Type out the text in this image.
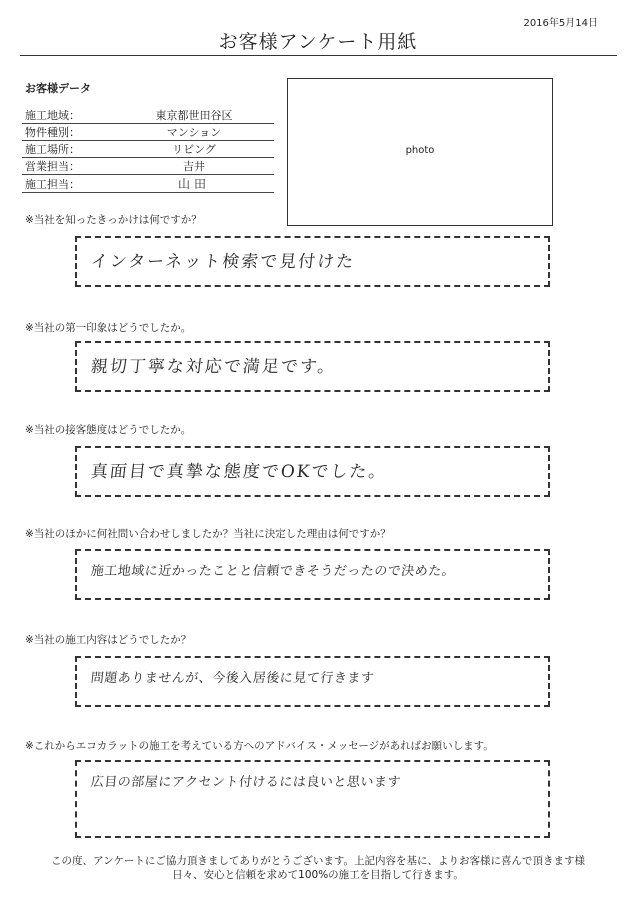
2016年5月14日
お客様アンケート用紙
お客様データ
施工地域：	東京都世田谷区
物件種別：	マンション
施工場所：	リビング
営業担当：	吉井
施工担当：	山田
photo
※当社を知ったきっかけは何ですか？
インターネット検索で見付けた
※当社の第一印象はどうでしたか。
親切丁寧な対応で満足です。
※当社の接客態度はどうでしたか。
真面目で真摯な態度でOKでした。
※当社のほかに何社問い合わせしましたか？当社に決定した理由は何ですか？
施工地域に近かったことと信頼できそうだったので決めた。
※当社の施工内容はどうでしたか？
問題ありませんが、今後入居後に見て行きます
※これからエコカラットの施工を考えている方へのアドバイス・メッセージがあればお願いします。
広目の部屋にアクセント付けるには良いと思います
この度、アンケートにご協力頂きましてありがとうございます。上記内容を基に、よりお客様に喜んで頂きます様
日々、安心と信頼を求めて100%の施工を目指して行きます。
